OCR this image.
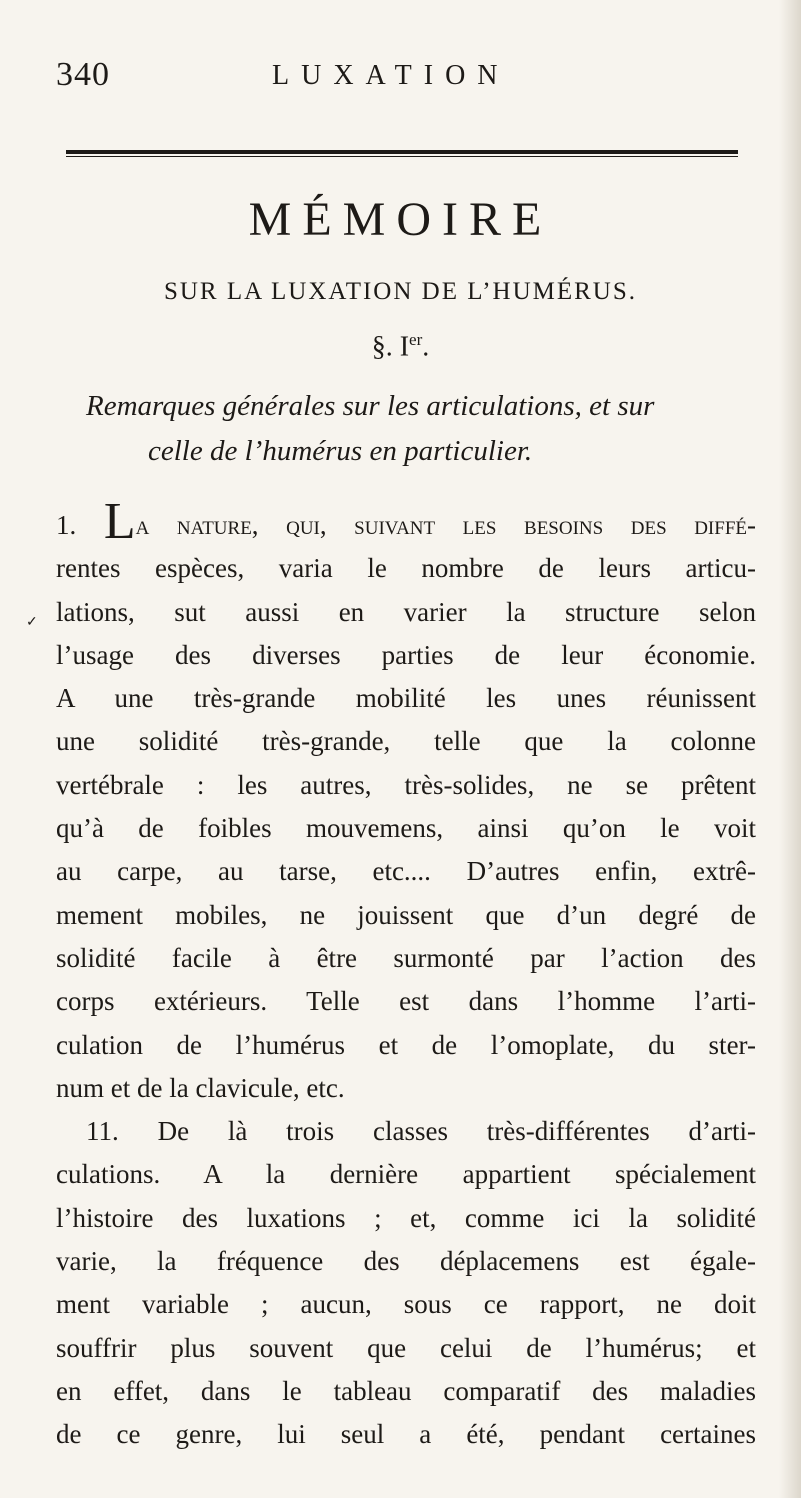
340	LUXATION
MÉMOIRE
SUR LA LUXATION DE L’HUMÉRUS.
§. Ier.
Remarques générales sur les articulations, et sur
celle de l’humérus en particulier.
✓
1. La nature, qui, suivant les besoins des diffé-
rentes espèces, varia le nombre de leurs articu-
lations, sut aussi en varier la structure selon
l’usage des diverses parties de leur économie.
A une très-grande mobilité les unes réunissent
une solidité très-grande, telle que la colonne
vertébrale : les autres, très-solides, ne se prêtent
qu’à de foibles mouvemens, ainsi qu’on le voit
au carpe, au tarse, etc.... D’autres enfin, extrê-
mement mobiles, ne jouissent que d’un degré de
solidité facile à être surmonté par l’action des
corps extérieurs. Telle est dans l’homme l’arti-
culation de l’humérus et de l’omoplate, du ster-
num et de la clavicule, etc.
11. De là trois classes très-différentes d’arti-
culations. A la dernière appartient spécialement
l’histoire des luxations ; et, comme ici la solidité
varie, la fréquence des déplacemens est égale-
ment variable ; aucun, sous ce rapport, ne doit
souffrir plus souvent que celui de l’humérus; et
en effet, dans le tableau comparatif des maladies
de ce genre, lui seul a été, pendant certaines
